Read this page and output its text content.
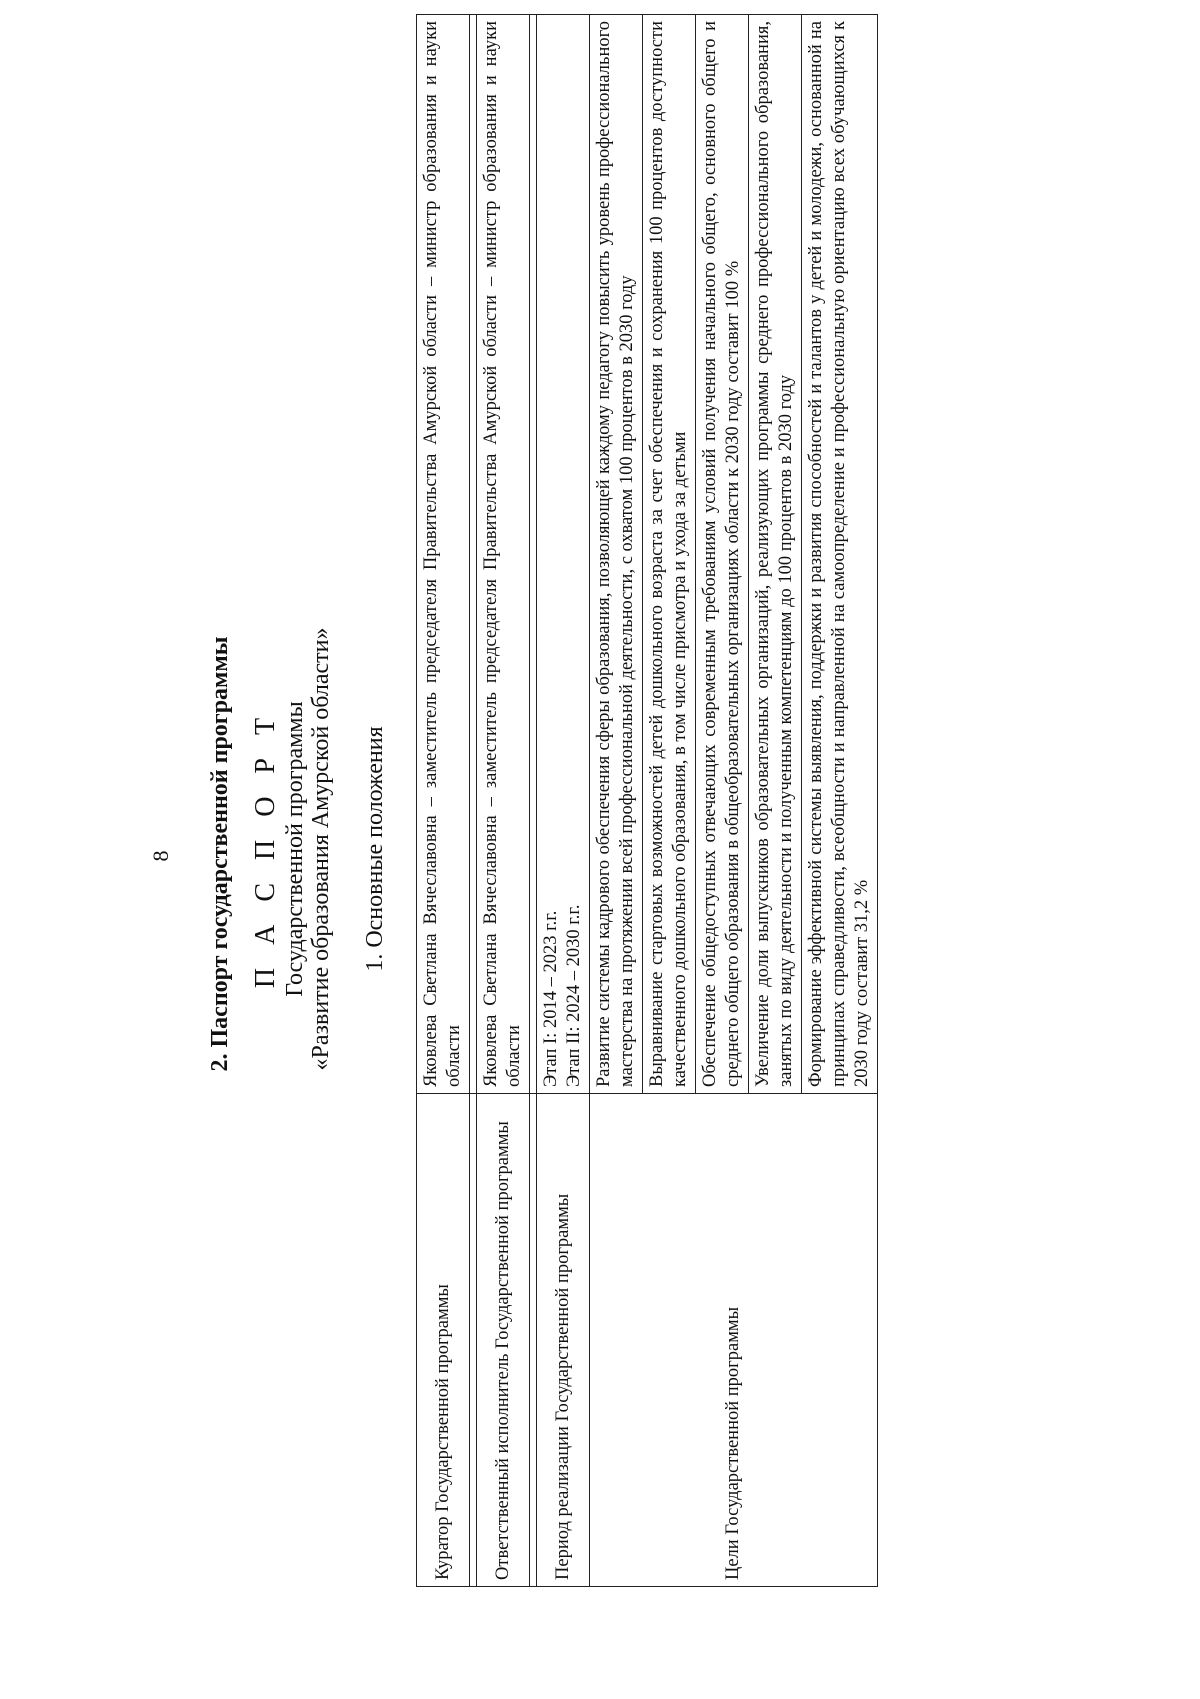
8 2. Паспорт государственной программы П А С П О Р Т Государственной программы «Развитие образования Амурской области» 1. Основные положения
Куратор Государственной программы	Яковлева Светлана Вячеславовна – заместитель председателя Правительства Амурской области – министр образования и науки области

Ответственный исполнитель Государственной программы	Яковлева Светлана Вячеславовна – заместитель председателя Правительства Амурской области – министр образования и науки области

Период реализации Государственной программы	Этап I: 2014 – 2023 г.г. Этап II: 2024 – 2030 г.г.

Цели Государственной программы	Развитие системы кадрового обеспечения сферы образования, позволяющей каждому педагогу повысить уровень профессионального мастерства на протяжении всей профессиональной деятельности, с охватом 100 процентов в 2030 году
	Выравнивание стартовых возможностей детей дошкольного возраста за счет обеспечения и сохранения 100 процентов доступности качественного дошкольного образования, в том числе присмотра и ухода за детьми
	Обеспечение общедоступных отвечающих современным требованиям условий получения начального общего, основного общего и среднего общего образования в общеобразовательных организациях области к 2030 году составит 100 %
	Увеличение доли выпускников образовательных организаций, реализующих программы среднего профессионального образования, занятых по виду деятельности и полученным компетенциям до 100 процентов в 2030 году
	Формирование эффективной системы выявления, поддержки и развития способностей и талантов у детей и молодежи, основанной на принципах справедливости, всеобщности и направленной на самоопределение и профессиональную ориентацию всех обучающихся к 2030 году составит 31,2 %
